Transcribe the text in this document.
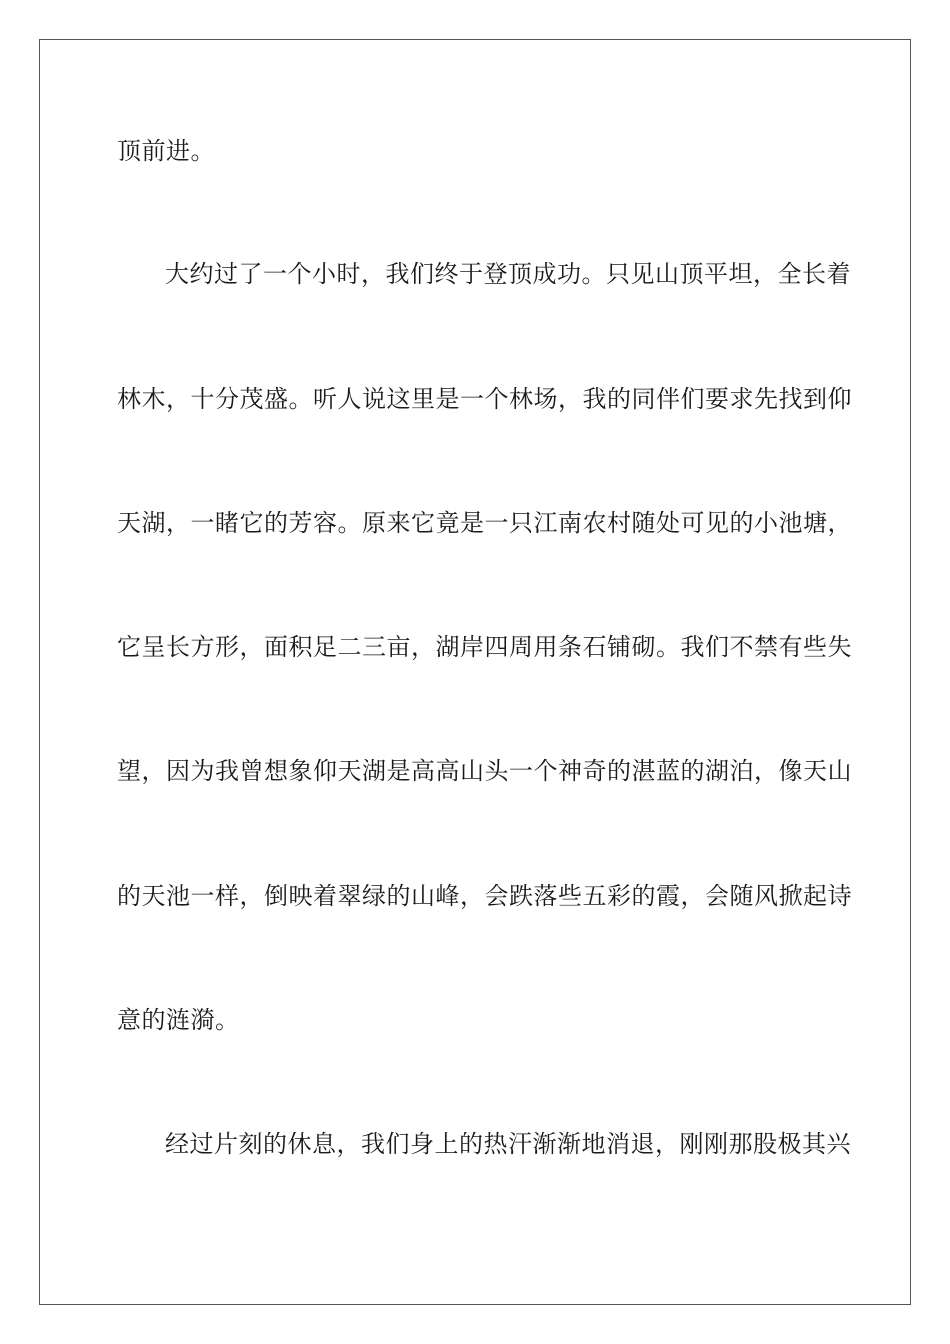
顶前进。
大约过了一个小时，我们终于登顶成功。只见山顶平坦，全长着
林木，十分茂盛。听人说这里是一个林场，我的同伴们要求先找到仰
天湖，一睹它的芳容。原来它竟是一只江南农村随处可见的小池塘，
它呈长方形，面积足二三亩，湖岸四周用条石铺砌。我们不禁有些失
望，因为我曾想象仰天湖是高高山头一个神奇的湛蓝的湖泊，像天山
的天池一样，倒映着翠绿的山峰，会跌落些五彩的霞，会随风掀起诗
意的涟漪。
经过片刻的休息，我们身上的热汗渐渐地消退，刚刚那股极其兴
